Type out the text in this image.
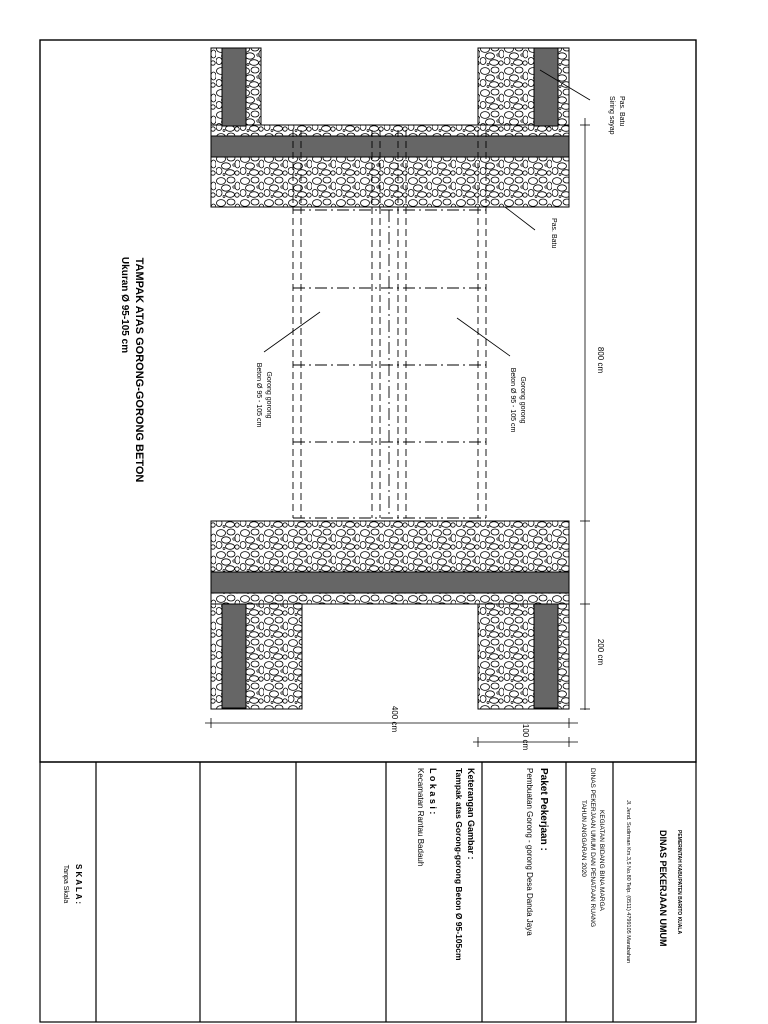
TAMPAK ATAS GORONG-GORONG BETON
Ukuran Ø 95-105 cm
Pas. Batu
Siring sayap
Pas. Batu
Gorong gorong
Beton Ø 95 - 105 cm
Gorong gorong
Beton Ø 95 - 105 cm
800 cm
200 cm
400 cm
100 cm
PEMERINTAH KABUPATEN BARITO KUALA
DINAS PEKERJAAN UMUM
Jl. Jend. Sudirman Km.3,5 No.80 Telp. (0511) 4799105 Marabahan
KEGIATAN BIDANG BINA MARGA
DINAS PEKERJAAN UMUM DAN PENATAAN RUANG
TAHUN ANGGARAN 2020
Paket Pekerjaan :
Pembuatan Gorong - gorong Desa Danda Jaya
Keterangan Gambar :
Tampak atas Gorong-gorong Beton Ø 95-105cm
L o k a s i :
Kecamatan Rantau Badauh
S K A L A :
Tanpa Skala
